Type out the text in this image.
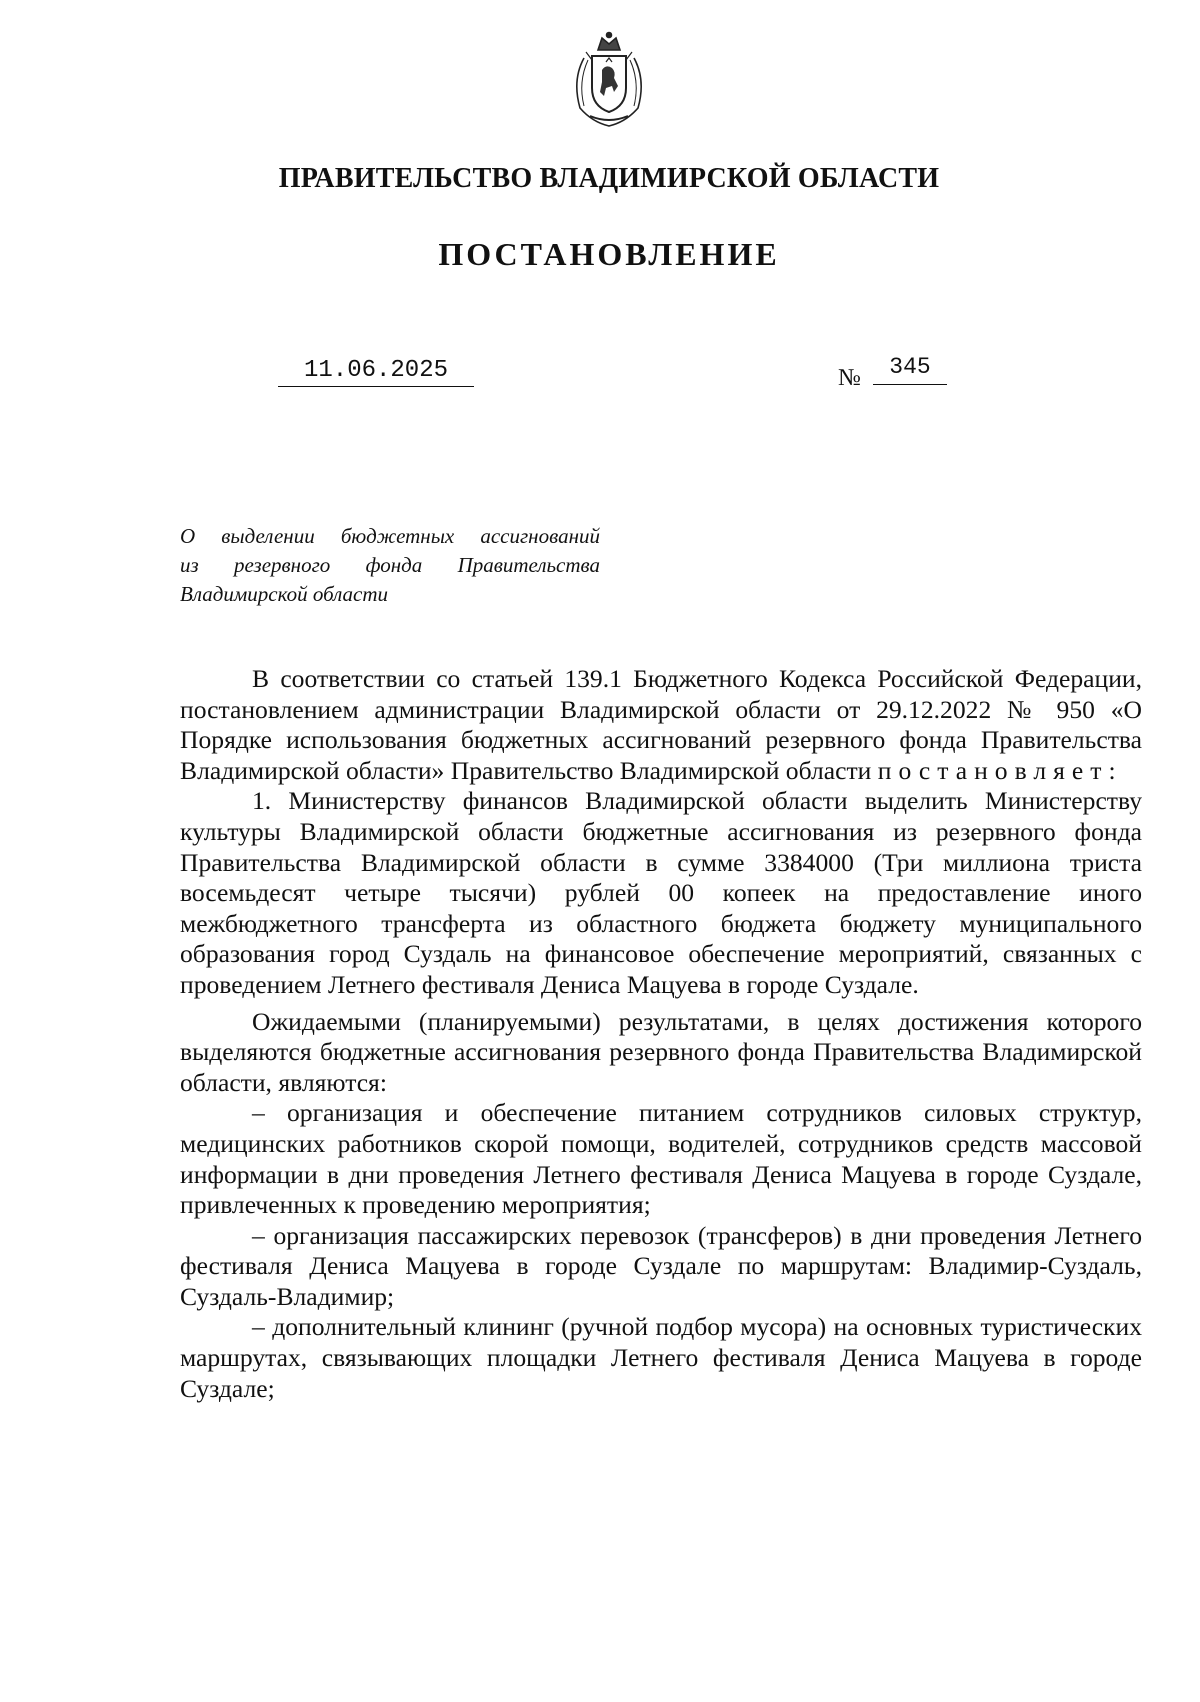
ПРАВИТЕЛЬСТВО ВЛАДИМИРСКОЙ ОБЛАСТИ
ПОСТАНОВЛЕНИЕ
11.06.2025	№	345
О выделении бюджетных ассигнований
из резервного фонда Правительства
Владимирской области

В соответствии со статьей 139.1 Бюджетного Кодекса Российской Федерации, постановлением администрации Владимирской области от 29.12.2022 № 950 «О Порядке использования бюджетных ассигнований резервного фонда Правительства Владимирской области» Правительство Владимирской области постановляет:

1. Министерству финансов Владимирской области выделить Министерству культуры Владимирской области бюджетные ассигнования из резервного фонда Правительства Владимирской области в сумме 3384000 (Три миллиона триста восемьдесят четыре тысячи) рублей 00 копеек на предоставление иного межбюджетного трансферта из областного бюджета бюджету муниципального образования город Суздаль на финансовое обеспечение мероприятий, связанных с проведением Летнего фестиваля Дениса Мацуева в городе Суздале.

Ожидаемыми (планируемыми) результатами, в целях достижения которого выделяются бюджетные ассигнования резервного фонда Правительства Владимирской области, являются:

– организация и обеспечение питанием сотрудников силовых структур, медицинских работников скорой помощи, водителей, сотрудников средств массовой информации в дни проведения Летнего фестиваля Дениса Мацуева в городе Суздале, привлеченных к проведению мероприятия;

– организация пассажирских перевозок (трансферов) в дни проведения Летнего фестиваля Дениса Мацуева в городе Суздале по маршрутам: Владимир-Суздаль, Суздаль-Владимир;

– дополнительный клининг (ручной подбор мусора) на основных туристических маршрутах, связывающих площадки Летнего фестиваля Дениса Мацуева в городе Суздале;
